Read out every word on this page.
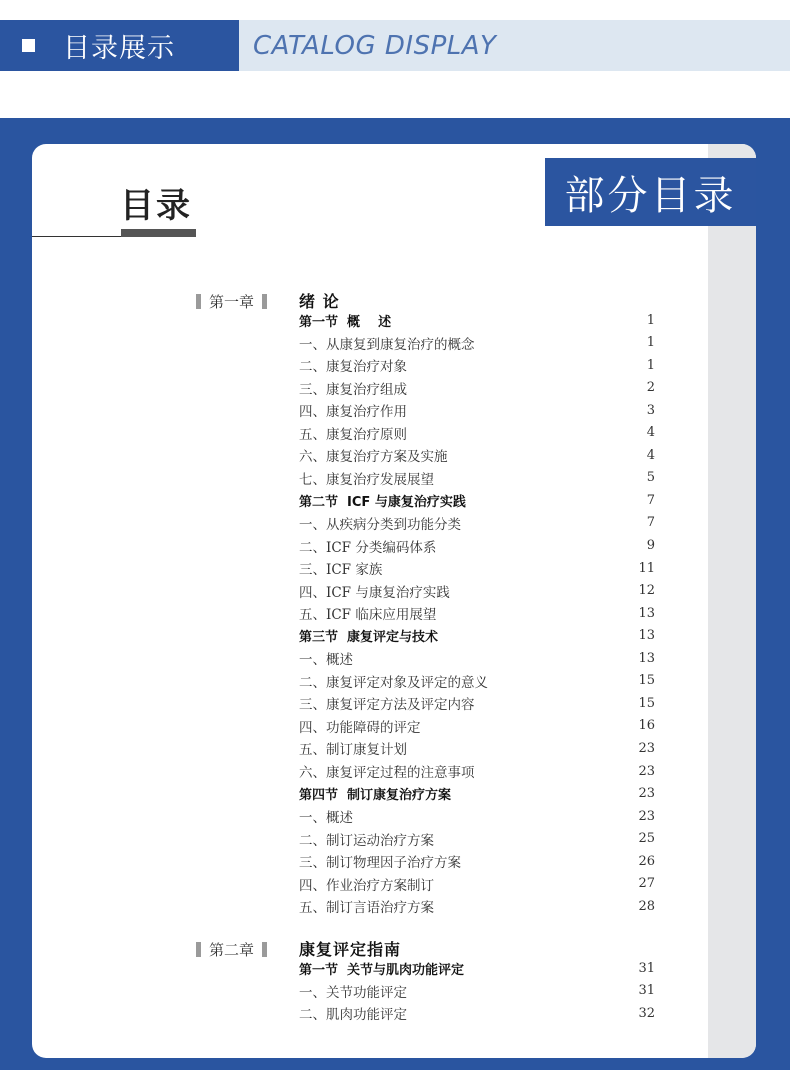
目录展示	CATALOG DISPLAY
部分目录
目录
第一章	绪 论
第一节  概    述	1
一、从康复到康复治疗的概念	1
二、康复治疗对象	1
三、康复治疗组成	2
四、康复治疗作用	3
五、康复治疗原则	4
六、康复治疗方案及实施	4
七、康复治疗发展展望	5
第二节  ICF 与康复治疗实践	7
一、从疾病分类到功能分类	7
二、ICF 分类编码体系	9
三、ICF 家族	11
四、ICF 与康复治疗实践	12
五、ICF 临床应用展望	13
第三节  康复评定与技术	13
一、概述	13
二、康复评定对象及评定的意义	15
三、康复评定方法及评定内容	15
四、功能障碍的评定	16
五、制订康复计划	23
六、康复评定过程的注意事项	23
第四节  制订康复治疗方案	23
一、概述	23
二、制订运动治疗方案	25
三、制订物理因子治疗方案	26
四、作业治疗方案制订	27
五、制订言语治疗方案	28
第二章	康复评定指南
第一节  关节与肌肉功能评定	31
一、关节功能评定	31
二、肌肉功能评定	32
